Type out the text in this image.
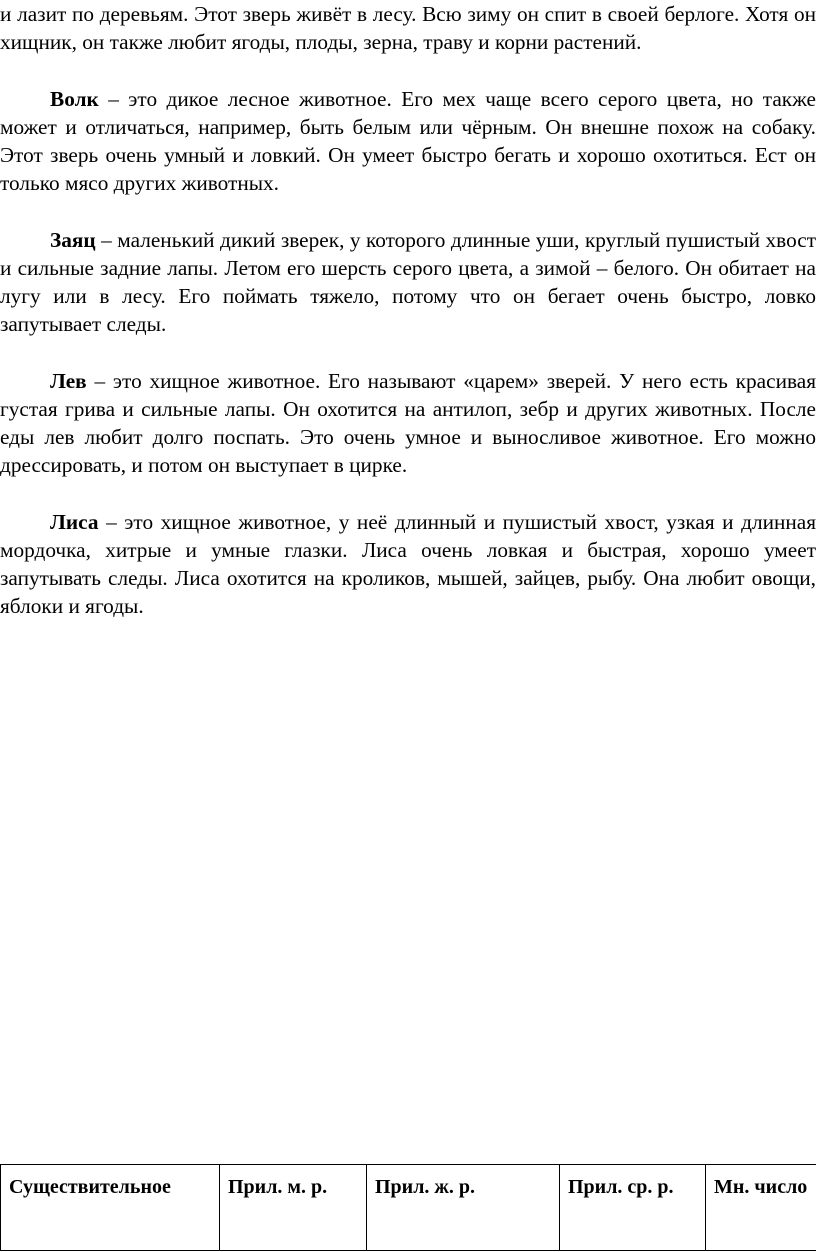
и лазит по деревьям. Этот зверь живёт в лесу. Всю зиму он спит в своей берлоге. Хотя он хищник, он также любит ягоды, плоды, зерна, траву и корни растений.

Волк – это дикое лесное животное. Его мех чаще всего серого цвета, но также может и отличаться, например, быть белым или чёрным. Он внешне похож на собаку. Этот зверь очень умный и ловкий. Он умеет быстро бегать и хорошо охотиться. Ест он только мясо других животных.

Заяц – маленький дикий зверек, у которого длинные уши, круглый пушистый хвост и сильные задние лапы. Летом его шерсть серого цвета, а зимой – белого. Он обитает на лугу или в лесу. Его поймать тяжело, потому что он бегает очень быстро, ловко запутывает следы.

Лев – это хищное животное. Его называют «царем» зверей. У него есть красивая густая грива и сильные лапы. Он охотится на антилоп, зебр и других животных. После еды лев любит долго поспать. Это очень умное и выносливое животное. Его можно дрессировать, и потом он выступает в цирке.

Лиса – это хищное животное, у неё длинный и пушистый хвост, узкая и длинная мордочка, хитрые и умные глазки. Лиса очень ловкая и быстрая, хорошо умеет запутывать следы. Лиса охотится на кроликов, мышей, зайцев, рыбу. Она любит овощи, яблоки и ягоды.

Существительное	Прил. м. р.	Прил. ж. р.	Прил. ср. р.	Мн. число
